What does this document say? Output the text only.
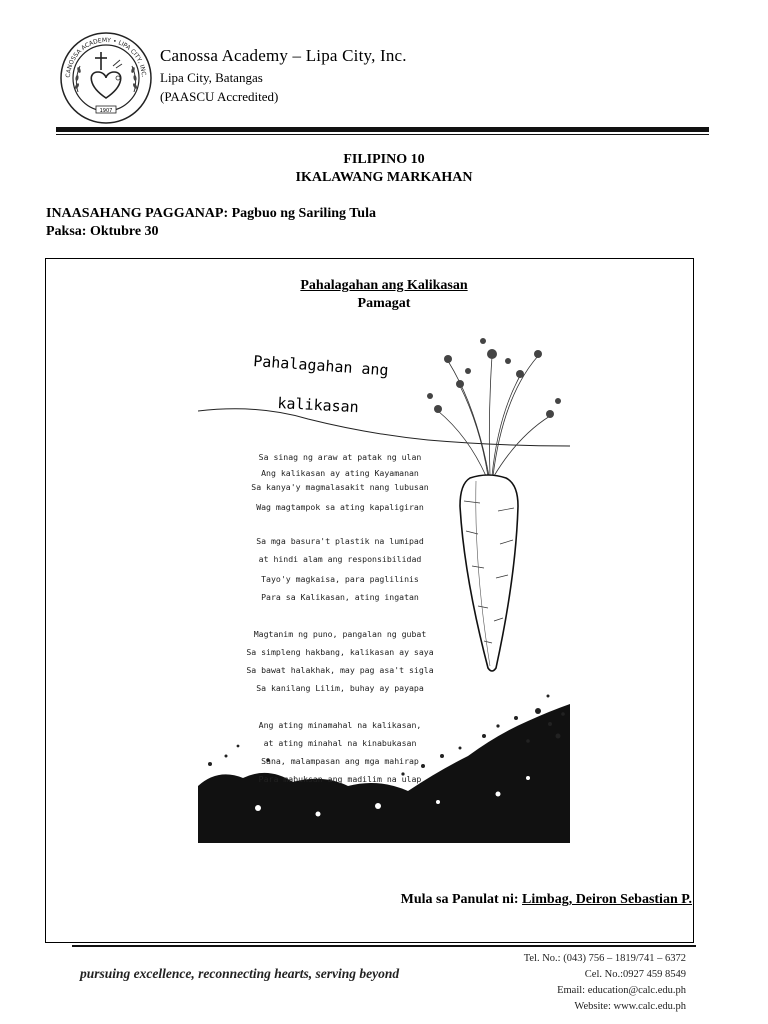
CANOSSA ACADEMY • LIPA CITY, INC.
1907
Canossa Academy – Lipa City, Inc.
Lipa City, Batangas
(PAASCU Accredited)
FILIPINO 10
IKALAWANG MARKAHAN
INAASAHANG PAGGANAP: Pagbuo ng Sariling Tula
Paksa: Oktubre 30
Pahalagahan ang Kalikasan
Pamagat
Pahalagahan ang
kalikasan
Sa sinag ng araw at patak ng ulan
Ang kalikasan ay ating Kayamanan
Sa kanya'y magmalasakit nang lubusan
Wag magtampok sa ating kapaligiran
Sa mga basura't plastik na lumipad
at hindi alam ang responsibilidad
Tayo'y magkaisa, para paglilinis
Para sa Kalikasan, ating ingatan
Magtanim ng puno, pangalan ng gubat
Sa simpleng hakbang, kalikasan ay saya
Sa bawat halakhak, may pag asa't sigla
Sa kanilang Lilim, buhay ay payapa
Ang ating minamahal na kalikasan,
at ating minahal na kinabukasan
Sana, malampasan ang mga mahirap
Para mabuksan ang madilim na ulap
Mula sa Panulat ni: Limbag, Deiron Sebastian P.
pursuing excellence, reconnecting hearts, serving beyond
Tel. No.: (043) 756 – 1819/741 – 6372
Cel. No.:0927 459 8549
Email: education@calc.edu.ph
Website: www.calc.edu.ph
